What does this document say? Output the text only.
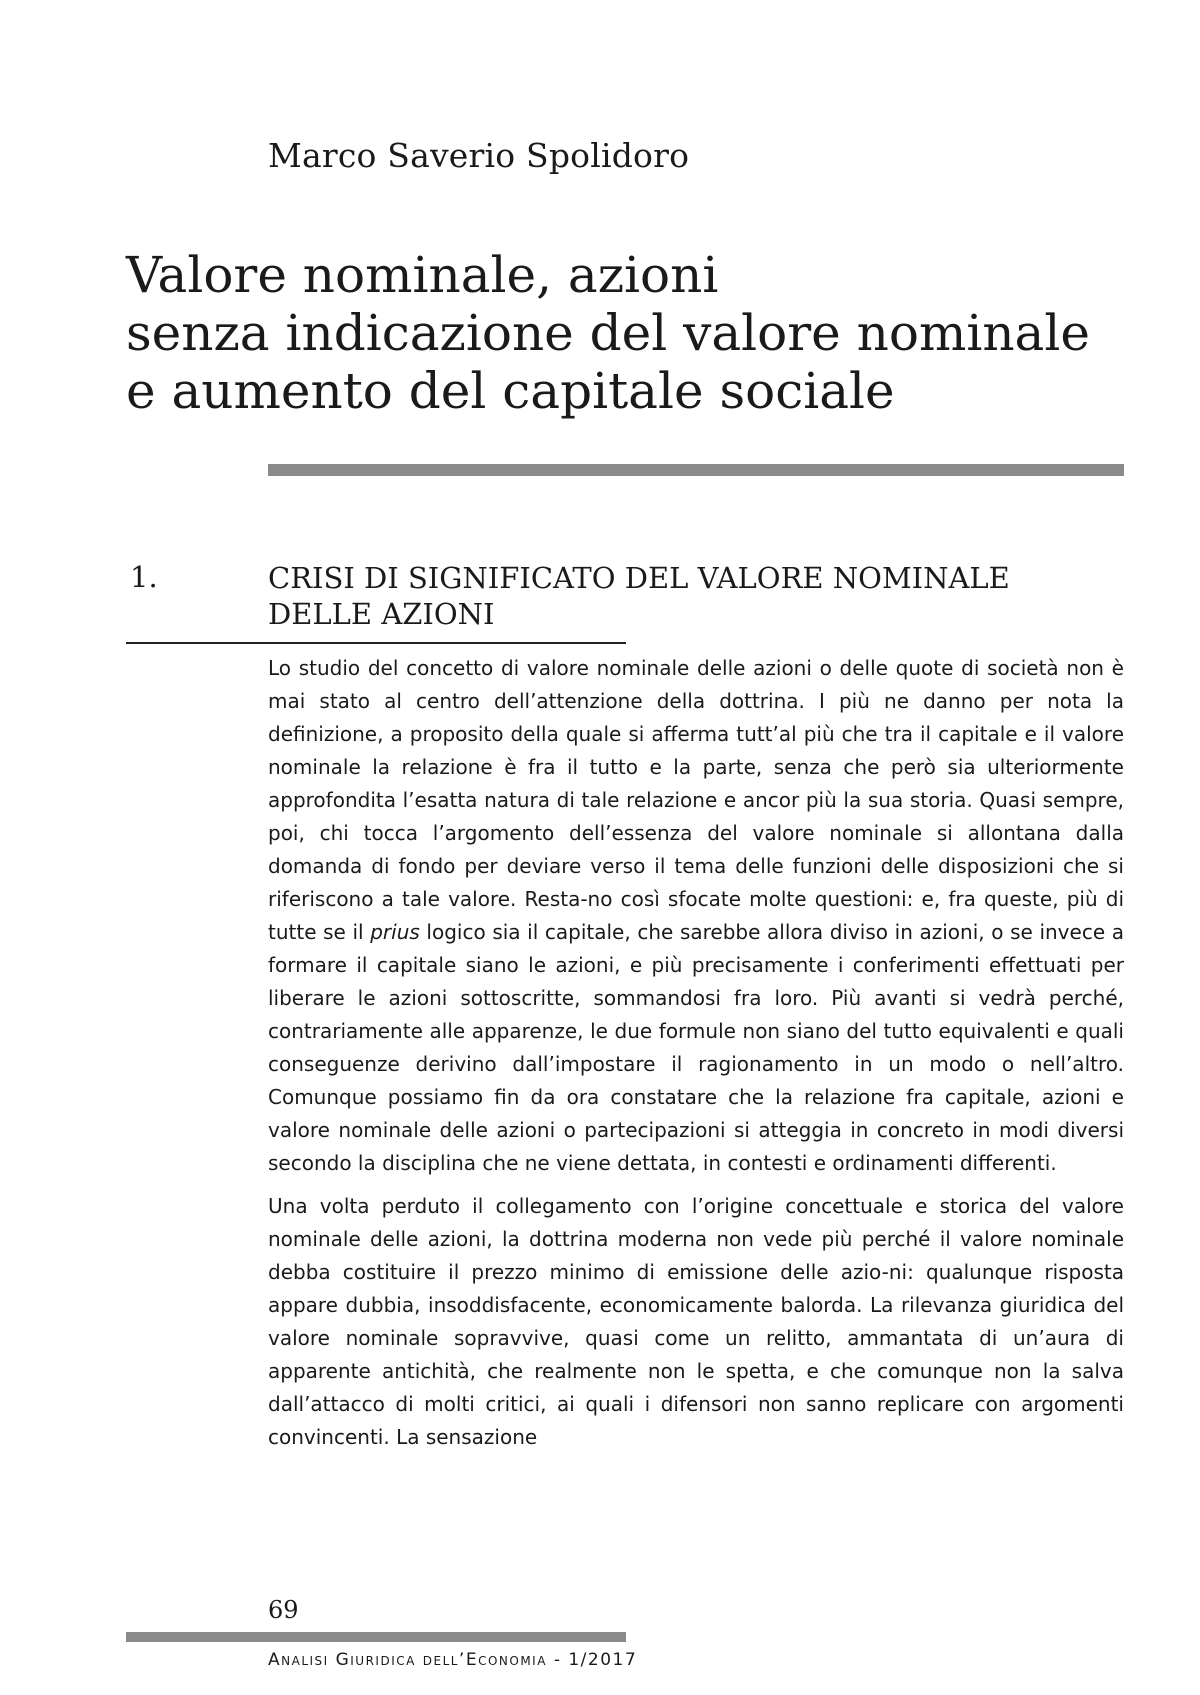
Marco Saverio Spolidoro
Valore nominale, azioni
senza indicazione del valore nominale
e aumento del capitale sociale
1.	CRISI DI SIGNIFICATO DEL VALORE NOMINALE
DELLE AZIONI

Lo studio del concetto di valore nominale delle azioni o delle quote di società non è mai stato al centro dell’attenzione della dottrina. I più ne danno per nota la definizione, a proposito della quale si afferma tutt’al più che tra il capitale e il valore nominale la relazione è fra il tutto e la parte, senza che però sia ulteriormente approfondita l’esatta natura di tale relazione e ancor più la sua storia. Quasi sempre, poi, chi tocca l’argomento dell’essenza del valore nominale si allontana dalla domanda di fondo per deviare verso il tema delle funzioni delle disposizioni che si riferiscono a tale valore. Resta-no così sfocate molte questioni: e, fra queste, più di tutte se il prius logico sia il capitale, che sarebbe allora diviso in azioni, o se invece a formare il capitale siano le azioni, e più precisamente i conferimenti effettuati per liberare le azioni sottoscritte, sommandosi fra loro. Più avanti si vedrà perché, contrariamente alle apparenze, le due formule non siano del tutto equivalenti e quali conseguenze derivino dall’impostare il ragionamento in un modo o nell’altro. Comunque possiamo fin da ora constatare che la relazione fra capitale, azioni e valore nominale delle azioni o partecipazioni si atteggia in concreto in modi diversi secondo la disciplina che ne viene dettata, in contesti e ordinamenti differenti.

Una volta perduto il collegamento con l’origine concettuale e storica del valore nominale delle azioni, la dottrina moderna non vede più perché il valore nominale debba costituire il prezzo minimo di emissione delle azio-ni: qualunque risposta appare dubbia, insoddisfacente, economicamente balorda. La rilevanza giuridica del valore nominale sopravvive, quasi come un relitto, ammantata di un’aura di apparente antichità, che realmente non le spetta, e che comunque non la salva dall’attacco di molti critici, ai quali i difensori non sanno replicare con argomenti convincenti. La sensazione

69
Analisi Giuridica dell’Economia - 1/2017
